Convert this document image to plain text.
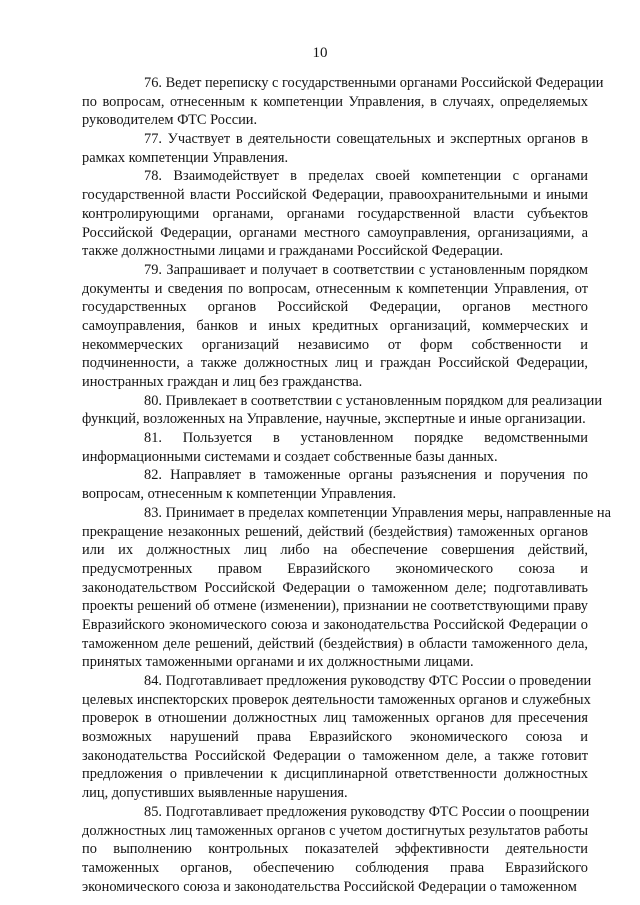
10
76. Ведет переписку с государственными органами Российской Федерации
по вопросам, отнесенным к компетенции Управления, в случаях, определяемых
руководителем ФТС России.
77. Участвует в деятельности совещательных и экспертных органов в
рамках компетенции Управления.
78. Взаимодействует в пределах своей компетенции с органами
государственной власти Российской Федерации, правоохранительными и иными
контролирующими органами, органами государственной власти субъектов
Российской Федерации, органами местного самоуправления, организациями, а
также должностными лицами и гражданами Российской Федерации.
79. Запрашивает и получает в соответствии с установленным порядком
документы и сведения по вопросам, отнесенным к компетенции Управления, от
государственных органов Российской Федерации, органов местного
самоуправления, банков и иных кредитных организаций, коммерческих и
некоммерческих организаций независимо от форм собственности и
подчиненности, а также должностных лиц и граждан Российской Федерации,
иностранных граждан и лиц без гражданства.
80. Привлекает в соответствии с установленным порядком для реализации
функций, возложенных на Управление, научные, экспертные и иные организации.
81. Пользуется в установленном порядке ведомственными
информационными системами и создает собственные базы данных.
82. Направляет в таможенные органы разъяснения и поручения по
вопросам, отнесенным к компетенции Управления.
83. Принимает в пределах компетенции Управления меры, направленные на
прекращение незаконных решений, действий (бездействия) таможенных органов
или их должностных лиц либо на обеспечение совершения действий,
предусмотренных правом Евразийского экономического союза и
законодательством Российской Федерации о таможенном деле; подготавливать
проекты решений об отмене (изменении), признании не соответствующими праву
Евразийского экономического союза и законодательства Российской Федерации о
таможенном деле решений, действий (бездействия) в области таможенного дела,
принятых таможенными органами и их должностными лицами.
84. Подготавливает предложения руководству ФТС России о проведении
целевых инспекторских проверок деятельности таможенных органов и служебных
проверок в отношении должностных лиц таможенных органов для пресечения
возможных нарушений права Евразийского экономического союза и
законодательства Российской Федерации о таможенном деле, а также готовит
предложения о привлечении к дисциплинарной ответственности должностных
лиц, допустивших выявленные нарушения.
85. Подготавливает предложения руководству ФТС России о поощрении
должностных лиц таможенных органов с учетом достигнутых результатов работы
по выполнению контрольных показателей эффективности деятельности
таможенных органов, обеспечению соблюдения права Евразийского
экономического союза и законодательства Российской Федерации о таможенном
